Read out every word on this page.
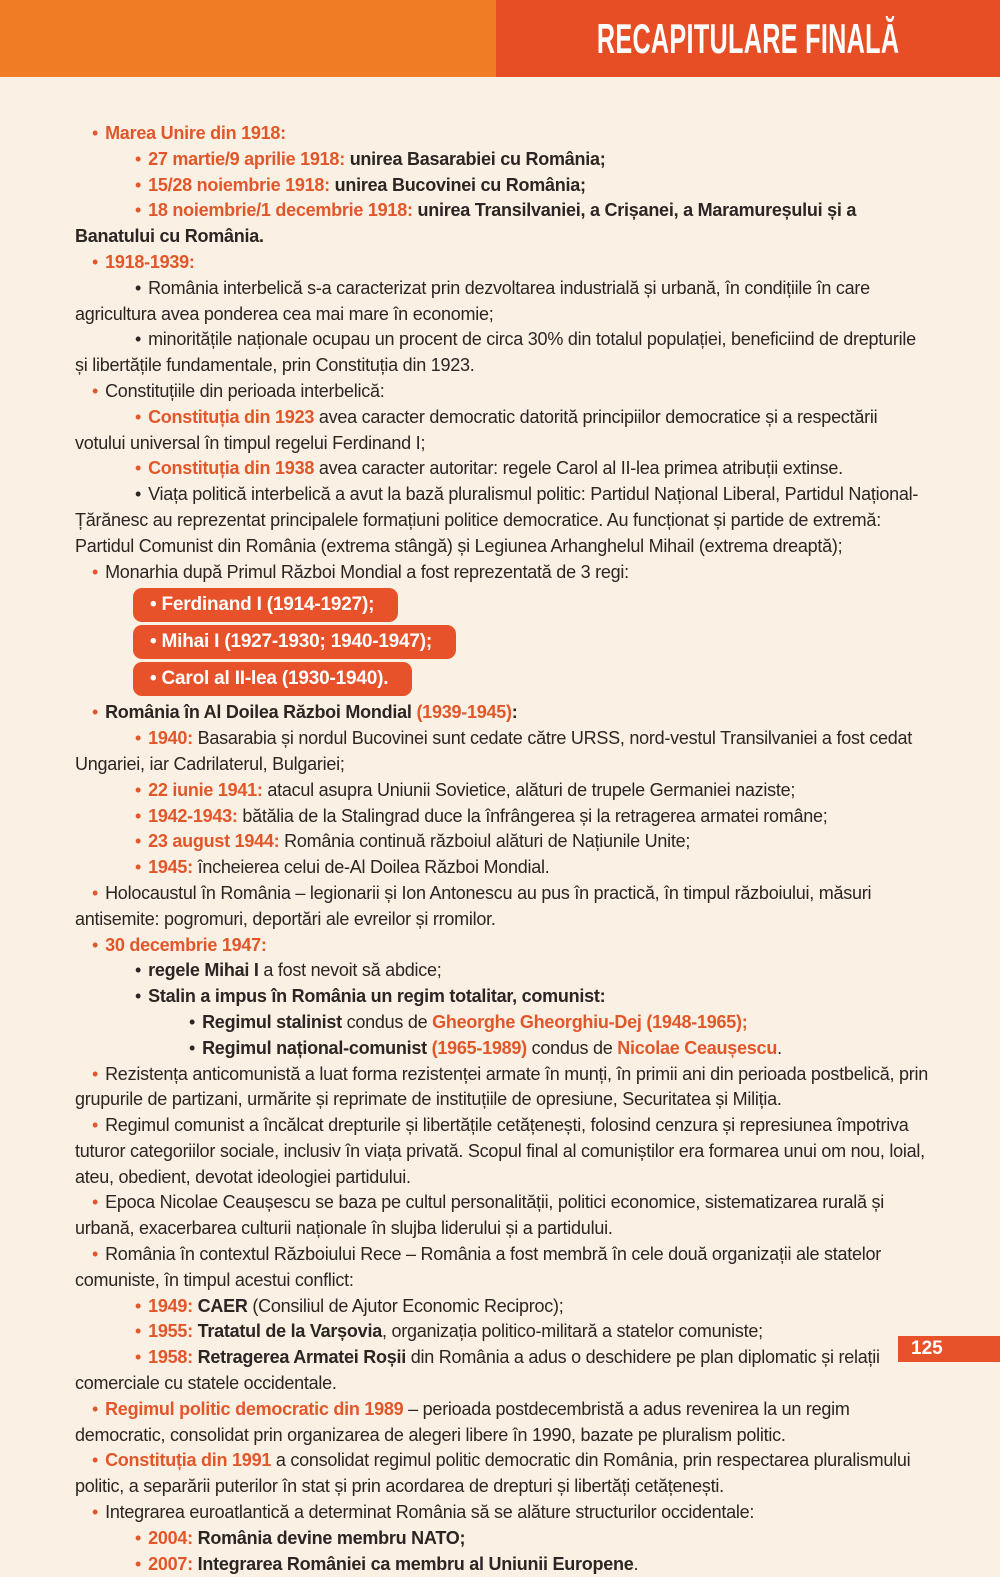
RECAPITULARE FINALĂ

• Marea Unire din 1918:

• 27 martie/9 aprilie 1918: unirea Basarabiei cu România;

• 15/28 noiembrie 1918: unirea Bucovinei cu România;

• 18 noiembrie/1 decembrie 1918: unirea Transilvaniei, a Crișanei, a Maramureșului și a Banatului cu România.

• 1918-1939:

• România interbelică s-a caracterizat prin dezvoltarea industrială și urbană, în condițiile în care agricultura avea ponderea cea mai mare în economie;

• minoritățile naționale ocupau un procent de circa 30% din totalul populației, beneficiind de drepturile și libertățile fundamentale, prin Constituția din 1923.

• Constituțiile din perioada interbelică:

• Constituția din 1923 avea caracter democratic datorită principiilor democratice și a respectării votului universal în timpul regelui Ferdinand I;

• Constituția din 1938 avea caracter autoritar: regele Carol al II-lea primea atribuții extinse.

• Viața politică interbelică a avut la bază pluralismul politic: Partidul Național Liberal, Partidul Național-Țărănesc au reprezentat principalele formațiuni politice democratice. Au funcționat și partide de extremă: Partidul Comunist din România (extrema stângă) și Legiunea Arhanghelul Mihail (extrema dreaptă);

• Monarhia după Primul Război Mondial a fost reprezentată de 3 regi:

• Ferdinand I (1914-1927);
• Mihai I (1927-1930; 1940-1947);
• Carol al II-lea (1930-1940).

• România în Al Doilea Război Mondial (1939-1945):

• 1940: Basarabia și nordul Bucovinei sunt cedate către URSS, nord-vestul Transilvaniei a fost cedat Ungariei, iar Cadrilaterul, Bulgariei;

• 22 iunie 1941: atacul asupra Uniunii Sovietice, alături de trupele Germaniei naziste;

• 1942-1943: bătălia de la Stalingrad duce la înfrângerea și la retragerea armatei române;

• 23 august 1944: România continuă războiul alături de Națiunile Unite;

• 1945: încheierea celui de-Al Doilea Război Mondial.

• Holocaustul în România – legionarii și Ion Antonescu au pus în practică, în timpul războiului, măsuri antisemite: pogromuri, deportări ale evreilor și rromilor.

• 30 decembrie 1947:

• regele Mihai I a fost nevoit să abdice;

• Stalin a impus în România un regim totalitar, comunist:

• Regimul stalinist condus de Gheorghe Gheorghiu-Dej (1948-1965);

• Regimul național-comunist (1965-1989) condus de Nicolae Ceaușescu.

• Rezistența anticomunistă a luat forma rezistenței armate în munți, în primii ani din perioada postbelică, prin grupurile de partizani, urmărite și reprimate de instituțiile de opresiune, Securitatea și Miliția.

• Regimul comunist a încălcat drepturile și libertățile cetățenești, folosind cenzura și represiunea împotriva tuturor categoriilor sociale, inclusiv în viața privată. Scopul final al comuniștilor era formarea unui om nou, loial, ateu, obedient, devotat ideologiei partidului.

• Epoca Nicolae Ceaușescu se baza pe cultul personalității, politici economice, sistematizarea rurală și urbană, exacerbarea culturii naționale în slujba liderului și a partidului.

• România în contextul Războiului Rece – România a fost membră în cele două organizații ale statelor comuniste, în timpul acestui conflict:

• 1949: CAER (Consiliul de Ajutor Economic Reciproc);

• 1955: Tratatul de la Varșovia, organizația politico-militară a statelor comuniste;

• 1958: Retragerea Armatei Roșii din România a adus o deschidere pe plan diplomatic și relații comerciale cu statele occidentale.

• Regimul politic democratic din 1989 – perioada postdecembristă a adus revenirea la un regim democratic, consolidat prin organizarea de alegeri libere în 1990, bazate pe pluralism politic.

• Constituția din 1991 a consolidat regimul politic democratic din România, prin respectarea pluralismului politic, a separării puterilor în stat și prin acordarea de drepturi și libertăți cetățenești.

• Integrarea euroatlantică a determinat România să se alăture structurilor occidentale:

• 2004: România devine membru NATO;

• 2007: Integrarea României ca membru al Uniunii Europene.

125
